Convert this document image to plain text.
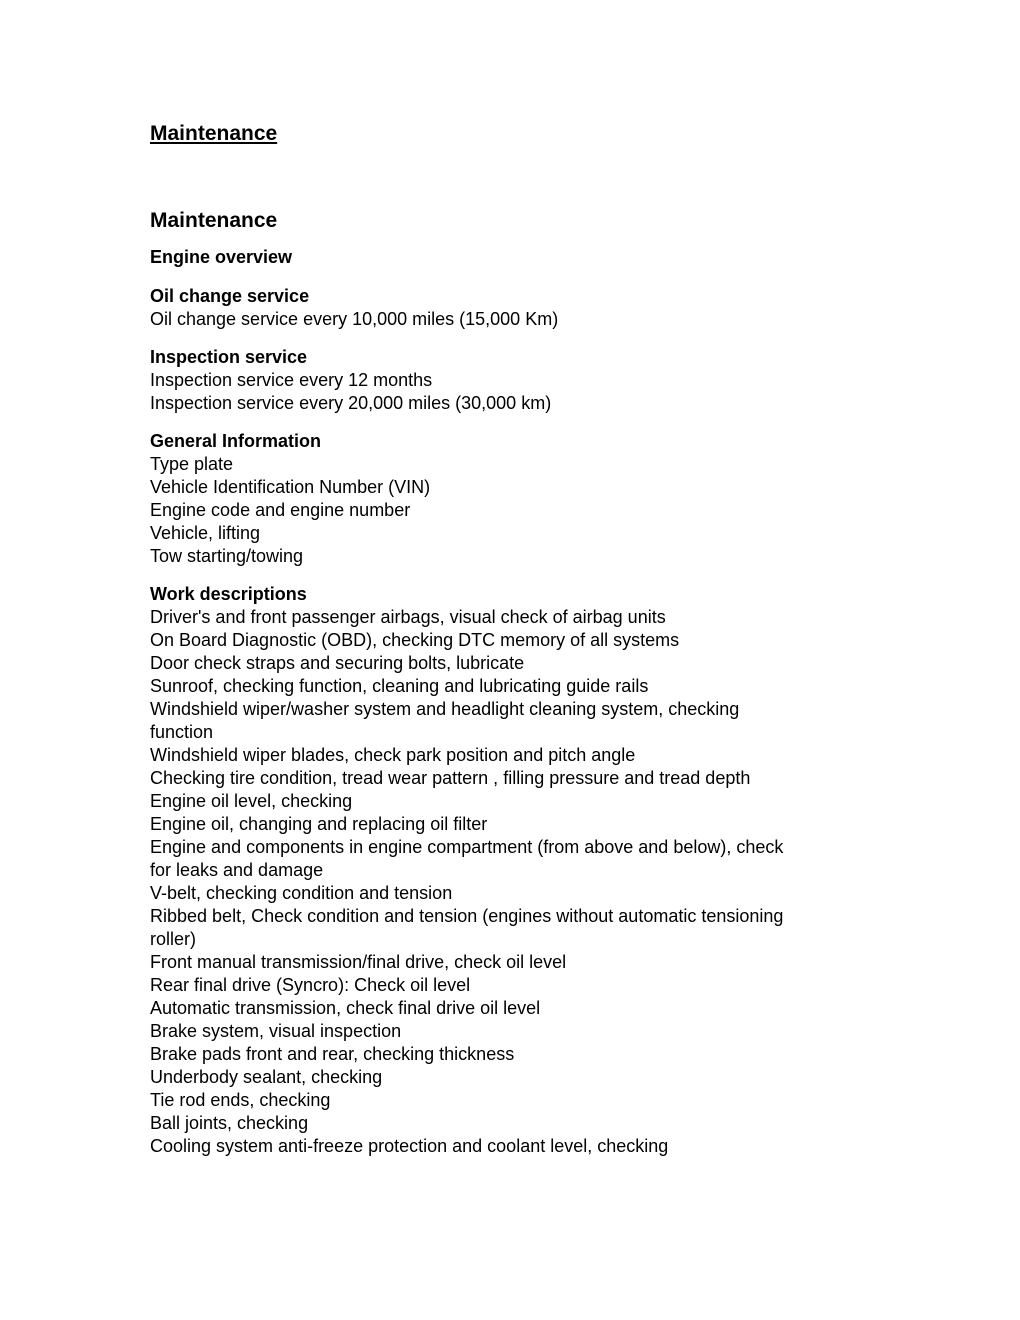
Maintenance
Maintenance
Engine overview
Oil change service
Oil change service every 10,000 miles (15,000 Km)
Inspection service
Inspection service every 12 months
Inspection service every 20,000 miles (30,000 km)
General Information
Type plate
Vehicle Identification Number (VIN)
Engine code and engine number
Vehicle, lifting
Tow starting/towing
Work descriptions
Driver's and front passenger airbags, visual check of airbag units
On Board Diagnostic (OBD), checking DTC memory of all systems
Door check straps and securing bolts, lubricate
Sunroof, checking function, cleaning and lubricating guide rails
Windshield wiper/washer system and headlight cleaning system, checking
function
Windshield wiper blades, check park position and pitch angle
Checking tire condition, tread wear pattern , filling pressure and tread depth
Engine oil level, checking
Engine oil, changing and replacing oil filter
Engine and components in engine compartment (from above and below), check
for leaks and damage
V-belt, checking condition and tension
Ribbed belt, Check condition and tension (engines without automatic tensioning
roller)
Front manual transmission/final drive, check oil level
Rear final drive (Syncro): Check oil level
Automatic transmission, check final drive oil level
Brake system, visual inspection
Brake pads front and rear, checking thickness
Underbody sealant, checking
Tie rod ends, checking
Ball joints, checking
Cooling system anti-freeze protection and coolant level, checking
